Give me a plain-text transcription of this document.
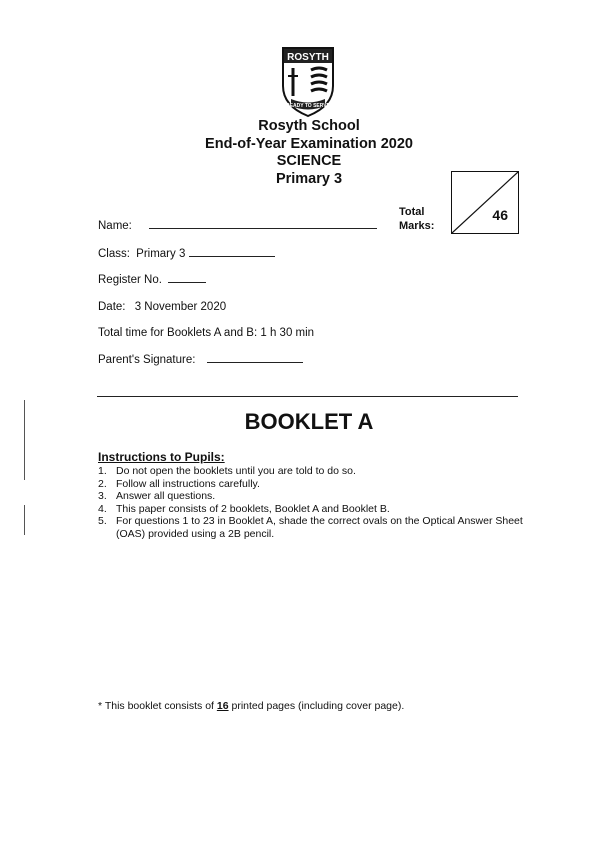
ROSYTH
READY TO SERVE
Rosyth School
End-of-Year Examination 2020
SCIENCE
Primary 3
Total
Marks:
46
Name:
Class: Primary 3
Register No.
Date: 3 November 2020
Total time for Booklets A and B: 1 h 30 min
Parent's Signature:
BOOKLET A
Instructions to Pupils:
1. Do not open the booklets until you are told to do so.
2. Follow all instructions carefully.
3. Answer all questions.
4. This paper consists of 2 booklets, Booklet A and Booklet B.
5. For questions 1 to 23 in Booklet A, shade the correct ovals on the Optical Answer Sheet (OAS) provided using a 2B pencil.
* This booklet consists of 16 printed pages (including cover page).
